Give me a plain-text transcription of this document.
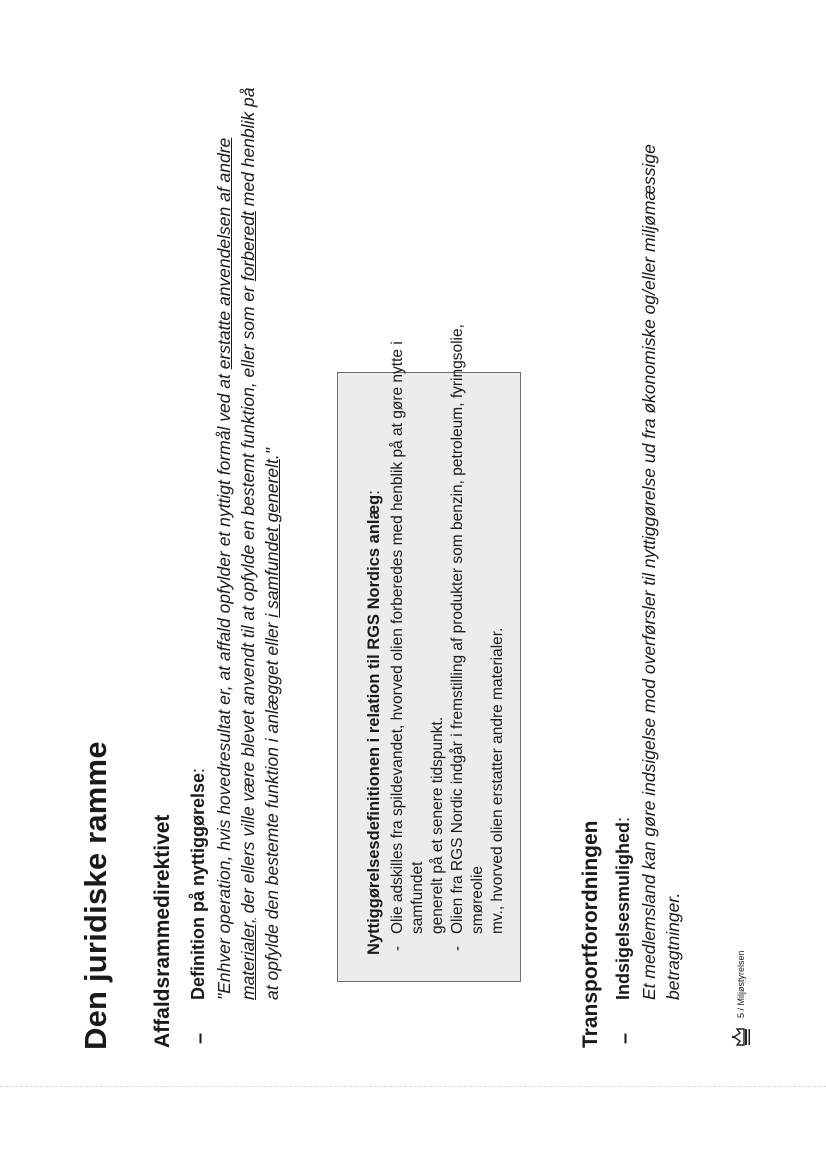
Den juridiske ramme Affaldsrammedirektivet –
Definition på nyttiggørelse: "Enhver operation, hvis hovedresultat er, at affald opfylder et nyttigt formål ved at erstatte anvendelsen af andre materialer, der ellers ville være blevet anvendt til at opfylde en bestemt funktion, eller som er forberedt med henblik på at opfylde den bestemte funktion i anlægget eller i samfundet generelt."
Nyttiggørelsesdefinitionen i relation til RGS Nordics anlæg:
-Olie adskilles fra spildevandet, hvorved olien forberedes med henblik på at gøre nytte i samfundet generelt på et senere tidspunkt.
-Olien fra RGS Nordic indgår i fremstilling af produkter som benzin, petroleum, fyringsolie, smøreolie mv., hvorved olien erstatter andre materialer.
Transportforordningen –
Indsigelsesmulighed: Et medlemsland kan gøre indsigelse mod overførsler til nyttiggørelse ud fra økonomiske og/eller miljømæssige betragtninger.	5 / Miljøstyrelsen
